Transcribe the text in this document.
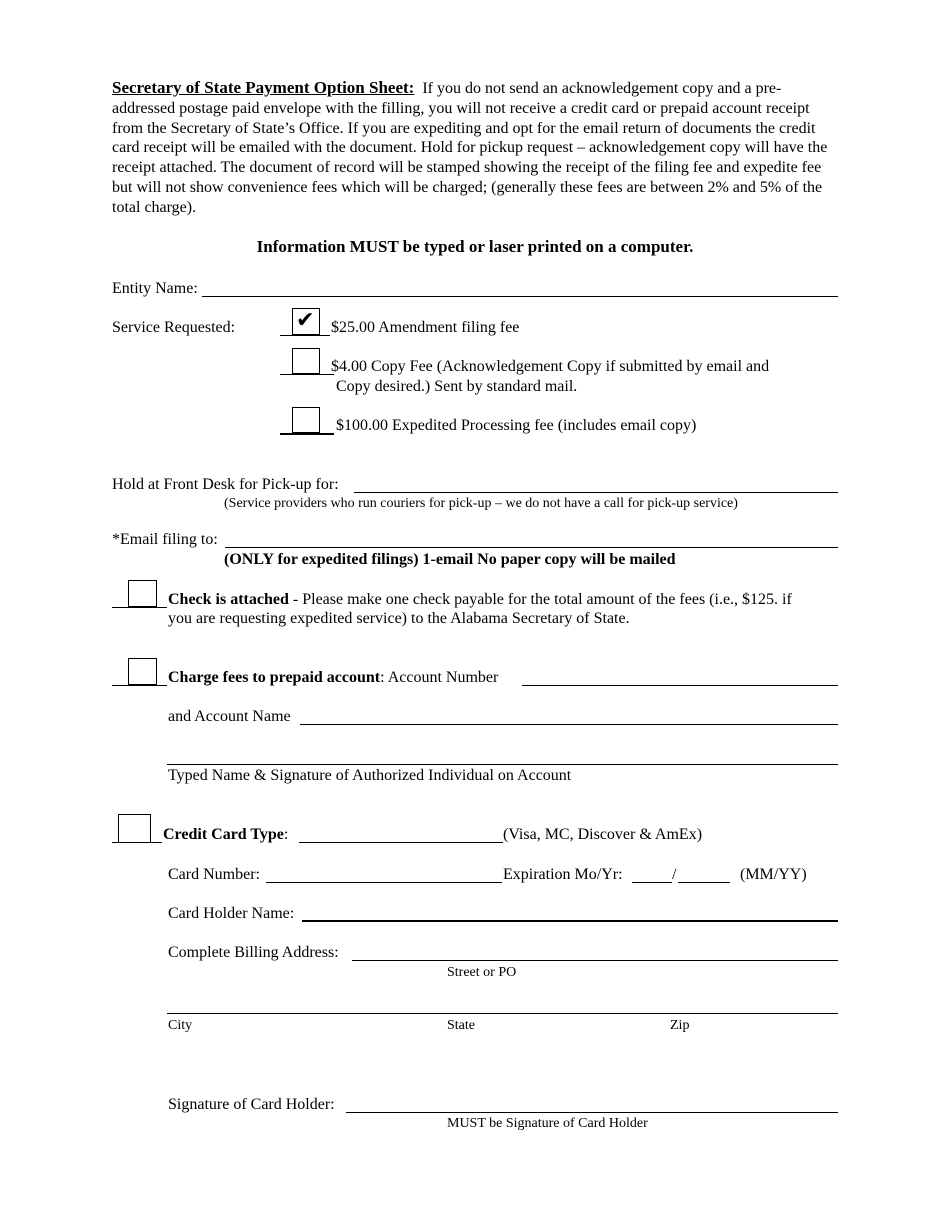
Secretary of State Payment Option Sheet: If you do not send an acknowledgement copy and a pre-addressed postage paid envelope with the filling, you will not receive a credit card or prepaid account receipt from the Secretary of State’s Office. If you are expediting and opt for the email return of documents the credit card receipt will be emailed with the document. Hold for pickup request – acknowledgement copy will have the receipt attached. The document of record will be stamped showing the receipt of the filing fee and expedite fee but will not show convenience fees which will be charged; (generally these fees are between 2% and 5% of the total charge).
Information MUST be typed or laser printed on a computer.
Entity Name:
Service Requested:	✔ $25.00 Amendment filing fee
$4.00 Copy Fee (Acknowledgement Copy if submitted by email and
Copy desired.) Sent by standard mail.
$100.00 Expedited Processing fee (includes email copy)
Hold at Front Desk for Pick-up for:
(Service providers who run couriers for pick-up – we do not have a call for pick-up service)
*Email filing to:
(ONLY for expedited filings) 1-email No paper copy will be mailed
Check is attached - Please make one check payable for the total amount of the fees (i.e., $125. if
you are requesting expedited service) to the Alabama Secretary of State.
Charge fees to prepaid account: Account Number
and Account Name
Typed Name & Signature of Authorized Individual on Account
Credit Card Type:	(Visa, MC, Discover & AmEx)
Card Number:	Expiration Mo/Yr:	/	(MM/YY)
Card Holder Name:
Complete Billing Address:
Street or PO
City	State	Zip
Signature of Card Holder:
MUST be Signature of Card Holder
